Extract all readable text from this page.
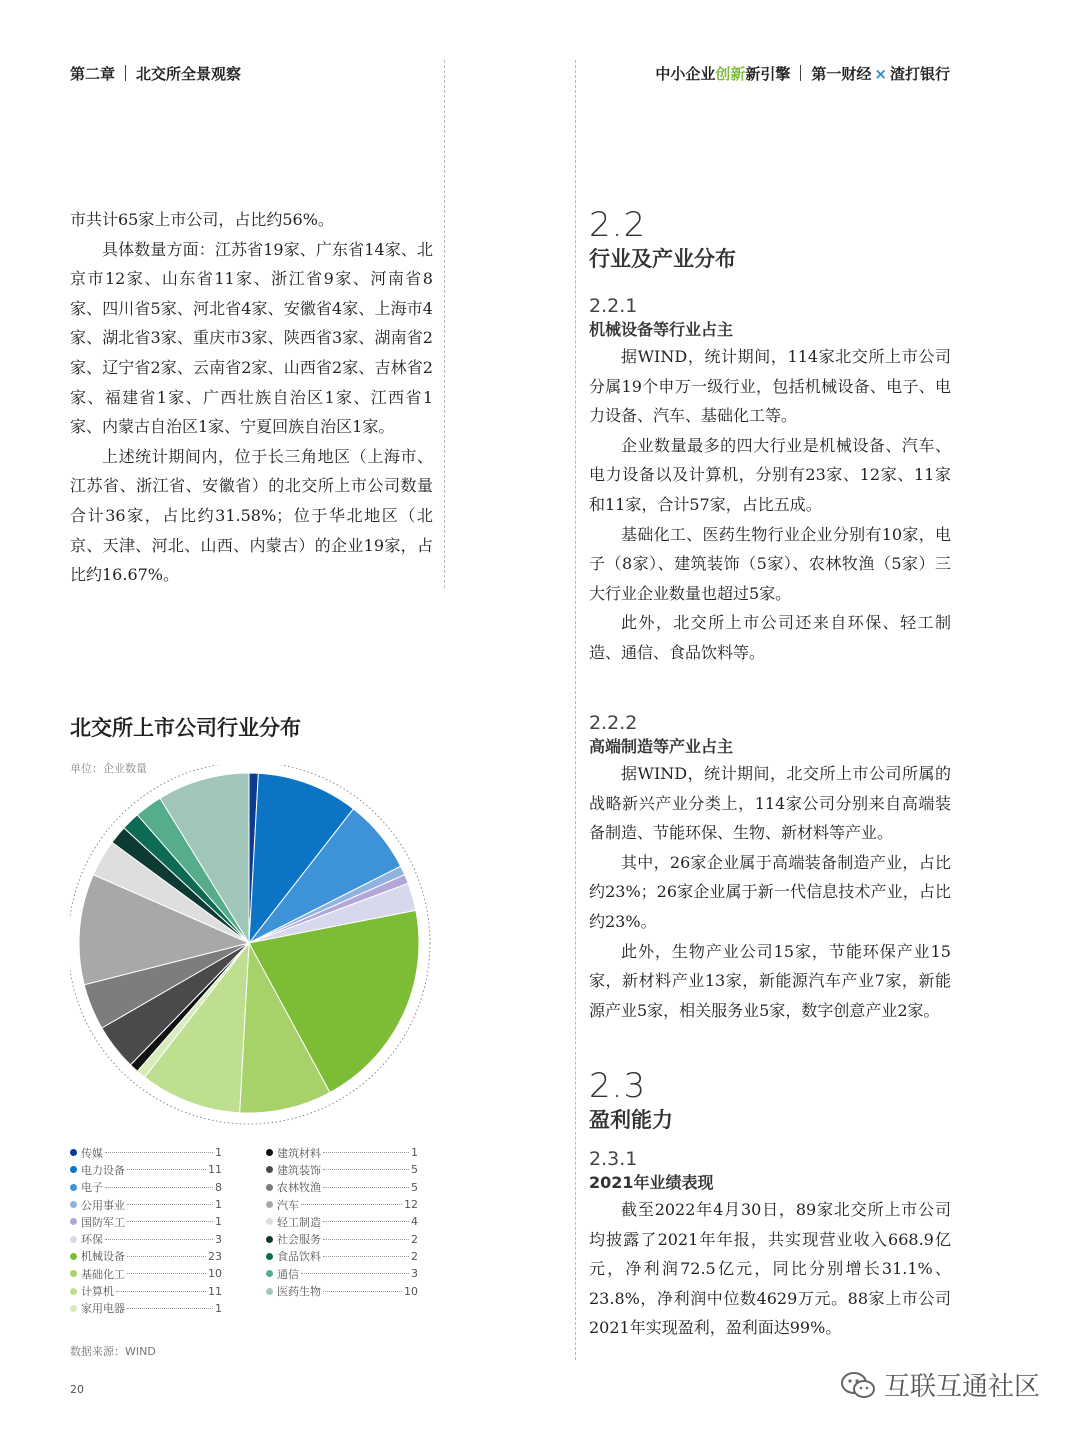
第二章 北交所全景观察	中小企业创新新引擎 第一财经 × 渣打银行

市共计65家上市公司，占比约56%。

具体数量方面：江苏省19家、广东省14家、北京市12家、山东省11家、浙江省9家、河南省8家、四川省5家、河北省4家、安徽省4家、上海市4家、湖北省3家、重庆市3家、陕西省3家、湖南省2家、辽宁省2家、云南省2家、山西省2家、吉林省2家、福建省1家、广西壮族自治区1家、江西省1家、内蒙古自治区1家、宁夏回族自治区1家。

上述统计期间内，位于长三角地区（上海市、江苏省、浙江省、安徽省）的北交所上市公司数量合计36家，占比约31.58%；位于华北地区（北京、天津、河北、山西、内蒙古）的企业19家，占比约16.67%。

北交所上市公司行业分布
单位：企业数量
传媒	1
电力设备	11
电子	8
公用事业	1
国防军工	1
环保	3
机械设备	23
基础化工	10
计算机	11
家用电器	1
建筑材料	1
建筑装饰	5
农林牧渔	5
汽车	12
轻工制造	4
社会服务	2
食品饮料	2
通信	3
医药生物	10
数据来源：WIND
20
2.2
行业及产业分布
2.2.1
机械设备等行业占主

据WIND，统计期间，114家北交所上市公司分属19个申万一级行业，包括机械设备、电子、电力设备、汽车、基础化工等。

企业数量最多的四大行业是机械设备、汽车、电力设备以及计算机，分别有23家、12家、11家和11家，合计57家，占比五成。

基础化工、医药生物行业企业分别有10家，电子（8家）、建筑装饰（5家）、农林牧渔（5家）三大行业企业数量也超过5家。

此外，北交所上市公司还来自环保、轻工制造、通信、食品饮料等。

2.2.2
高端制造等产业占主

据WIND，统计期间，北交所上市公司所属的战略新兴产业分类上，114家公司分别来自高端装备制造、节能环保、生物、新材料等产业。

其中，26家企业属于高端装备制造产业，占比约23%；26家企业属于新一代信息技术产业，占比约23%。

此外，生物产业公司15家，节能环保产业15家，新材料产业13家，新能源汽车产业7家，新能源产业5家，相关服务业5家，数字创意产业2家。

2.3
盈利能力
2.3.1
2021年业绩表现

截至2022年4月30日，89家北交所上市公司均披露了2021年年报，共实现营业收入668.9亿元，净利润72.5亿元，同比分别增长31.1%、23.8%，净利润中位数4629万元。88家上市公司2021年实现盈利，盈利面达99%。

互联互通社区
